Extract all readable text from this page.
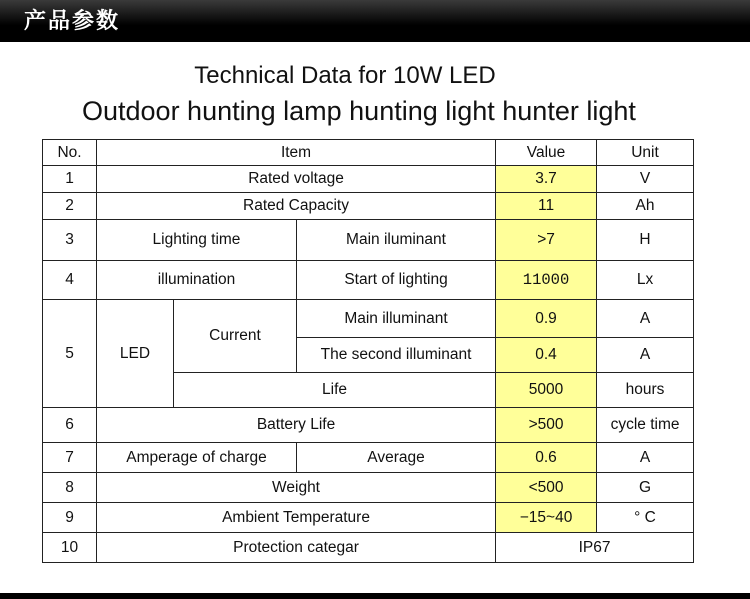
产品参数
Technical Data for 10W LED
Outdoor hunting lamp hunting light hunter light
No.	Item			Value	Unit
1	Rated voltage			3.7	V
2	Rated Capacity			11	Ah
3	Lighting time		Main iluminant	>7	H
4	illumination		Start of lighting	11000	Lx
5	LED	Current	Main illuminant	0.9	A
			The second illuminant	0.4	A
		Life		5000	hours
6	Battery Life			>500	cycle time
7	Amperage of charge		Average	0.6	A
8	Weight			<500	G
9	Ambient Temperature			−15~40	° C
10	Protection categar			IP67	
